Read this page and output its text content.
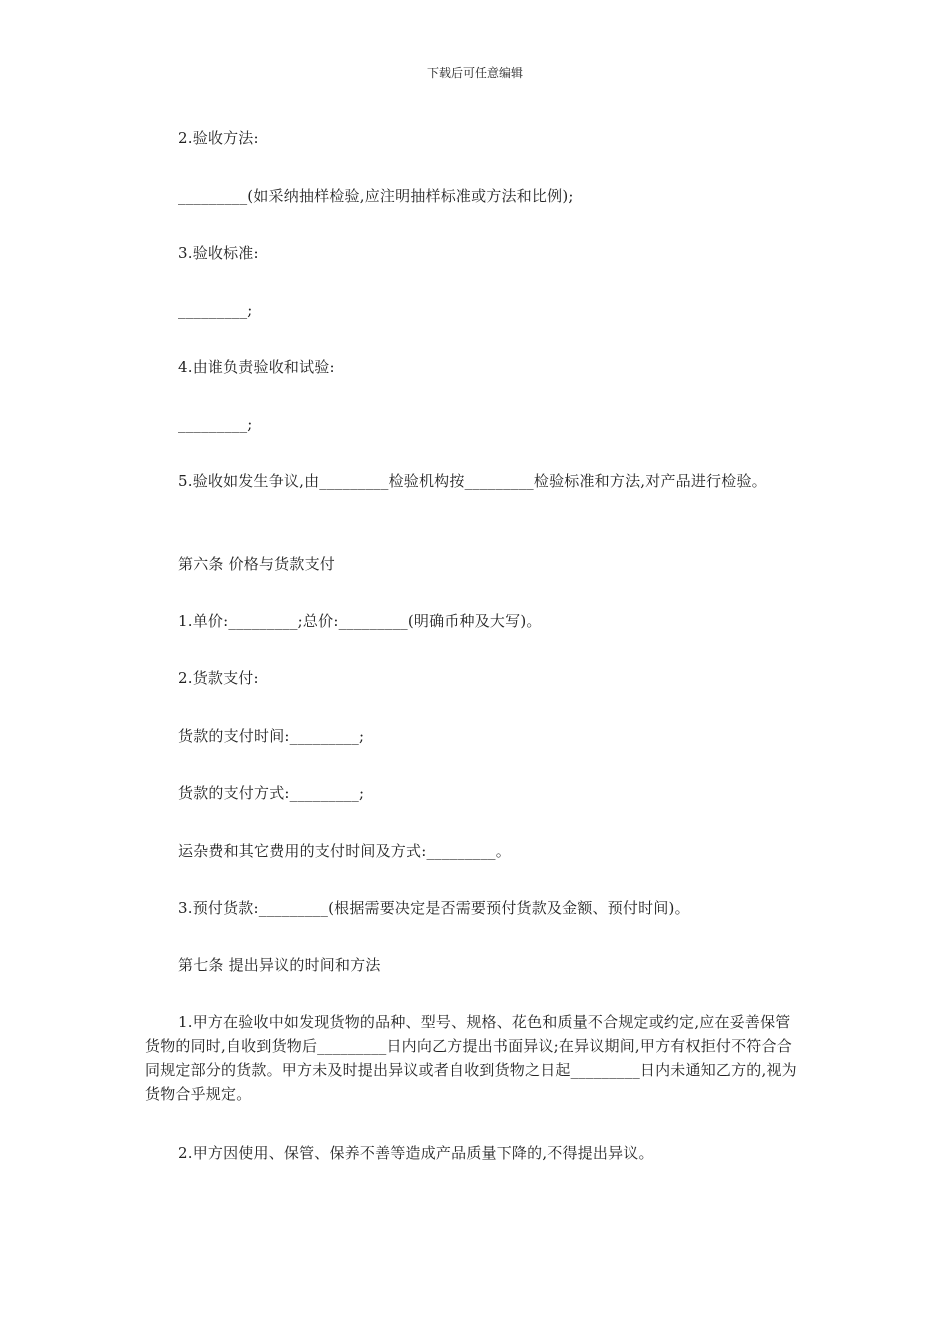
下载后可任意编辑
2.验收方法:
_________(如采纳抽样检验,应注明抽样标准或方法和比例);
3.验收标准:
_________;
4.由谁负责验收和试验:
_________;
5.验收如发生争议,由_________检验机构按_________检验标准和方法,对产品进行检验。
第六条 价格与货款支付
1.单价:_________;总价:_________(明确币种及大写)。
2.货款支付:
货款的支付时间:_________;
货款的支付方式:_________;
运杂费和其它费用的支付时间及方式:_________。
3.预付货款:_________(根据需要决定是否需要预付货款及金额、预付时间)。
第七条 提出异议的时间和方法
1.甲方在验收中如发现货物的品种、型号、规格、花色和质量不合规定或约定,应在妥善保管货物的同时,自收到货物后_________日内向乙方提出书面异议;在异议期间,甲方有权拒付不符合合同规定部分的货款。甲方未及时提出异议或者自收到货物之日起_________日内未通知乙方的,视为货物合乎规定。
2.甲方因使用、保管、保养不善等造成产品质量下降的,不得提出异议。
